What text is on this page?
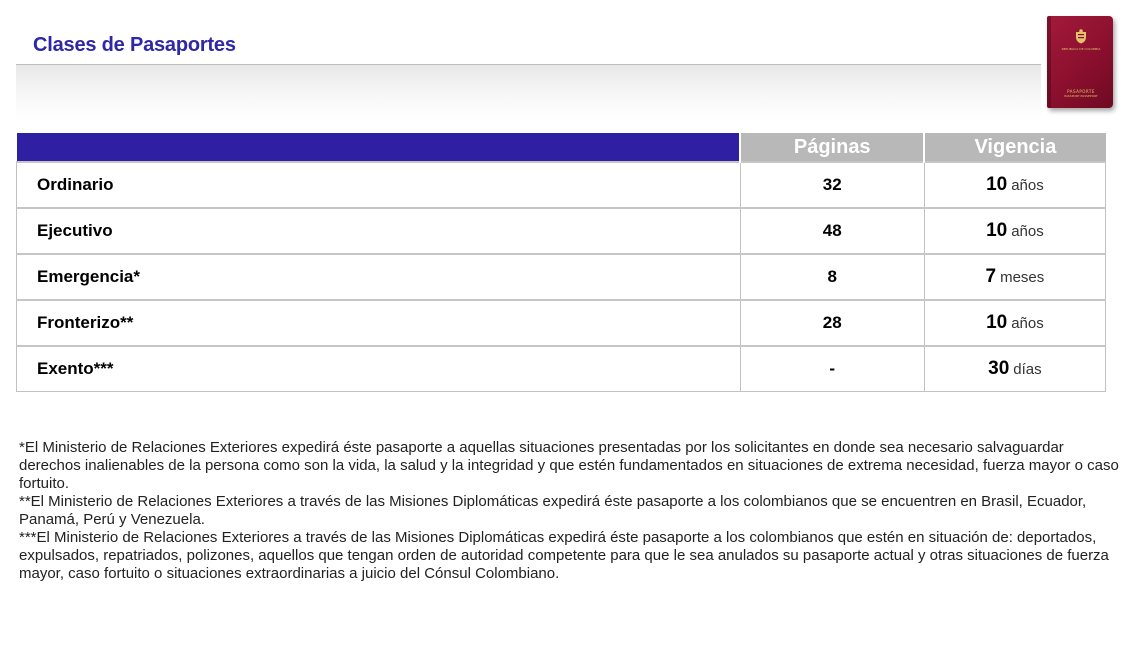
Clases de Pasaportes	REPÚBLICA DE COLOMBIA
PASAPORTE
PASSPORT PASSEPORT
	Páginas	Vigencia
Ordinario	32	10 años
Ejecutivo	48	10 años
Emergencia*	8	7 meses
Fronterizo**	28	10 años
Exento***	-	30 días

*El Ministerio de Relaciones Exteriores expedirá éste pasaporte a aquellas situaciones presentadas por los solicitantes en donde sea necesario salvaguardar derechos inalienables de la persona como son la vida, la salud y la integridad y que estén fundamentados en situaciones de extrema necesidad, fuerza mayor o caso fortuito.

**El Ministerio de Relaciones Exteriores a través de las Misiones Diplomáticas expedirá éste pasaporte a los colombianos que se encuentren en Brasil, Ecuador, Panamá, Perú y Venezuela.

***El Ministerio de Relaciones Exteriores a través de las Misiones Diplomáticas expedirá éste pasaporte a los colombianos que estén en situación de: deportados, expulsados, repatriados, polizones, aquellos que tengan orden de autoridad competente para que le sea anulados su pasaporte actual y otras situaciones de fuerza mayor, caso fortuito o situaciones extraordinarias a juicio del Cónsul Colombiano.
